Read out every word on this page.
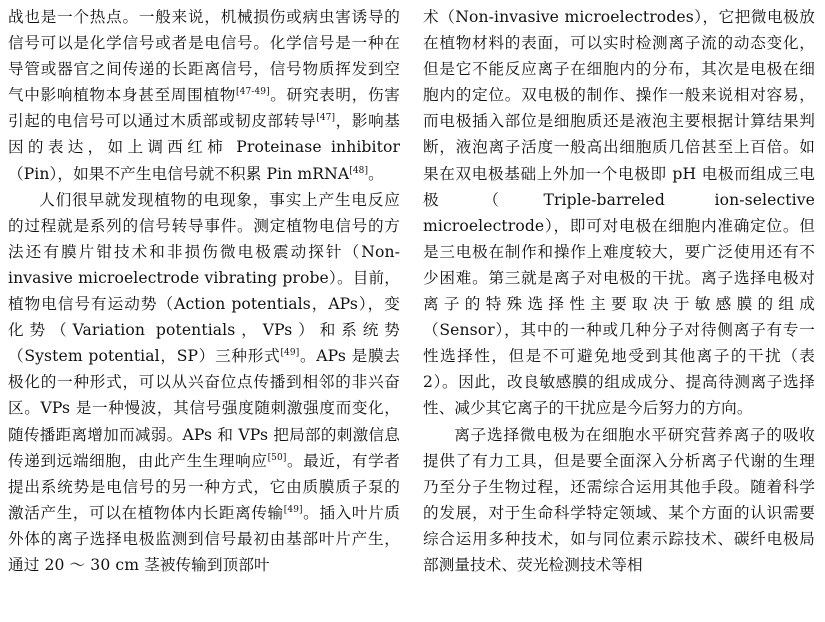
战也是一个热点。一般来说，机械损伤或病虫害诱导的信号可以是化学信号或者是电信号。化学信号是一种在导管或器官之间传递的长距离信号，信号物质挥发到空气中影响植物本身甚至周围植物[47-49]。研究表明，伤害引起的电信号可以通过木质部或韧皮部转导[47]，影响基因的表达，如上调西红柿 Proteinase inhibitor（Pin），如果不产生电信号就不积累 Pin mRNA[48]。

人们很早就发现植物的电现象，事实上产生电反应的过程就是系列的信号转导事件。测定植物电信号的方法还有膜片钳技术和非损伤微电极震动探针（Non-invasive microelectrode vibrating probe）。目前，植物电信号有运动势（Action potentials，APs），变化势（Variation potentials，VPs）和系统势（System potential，SP）三种形式[49]。APs 是膜去极化的一种形式，可以从兴奋位点传播到相邻的非兴奋区。VPs 是一种慢波，其信号强度随刺激强度而变化，随传播距离增加而减弱。APs 和 VPs 把局部的刺激信息传递到远端细胞，由此产生生理响应[50]。最近，有学者提出系统势是电信号的另一种方式，它由质膜质子泵的激活产生，可以在植物体内长距离传输[49]。插入叶片质外体的离子选择电极监测到信号最初由基部叶片产生，通过 20 ～ 30 cm 茎被传输到顶部叶

术（Non-invasive microelectrodes），它把微电极放在植物材料的表面，可以实时检测离子流的动态变化，但是它不能反应离子在细胞内的分布，其次是电极在细胞内的定位。双电极的制作、操作一般来说相对容易，而电极插入部位是细胞质还是液泡主要根据计算结果判断，液泡离子活度一般高出细胞质几倍甚至上百倍。如果在双电极基础上外加一个电极即 pH 电极而组成三电极（Triple-barreled ion-selective microelectrode），即可对电极在细胞内准确定位。但是三电极在制作和操作上难度较大，要广泛使用还有不少困难。第三就是离子对电极的干扰。离子选择电极对离子的特殊选择性主要取决于敏感膜的组成（Sensor），其中的一种或几种分子对待侧离子有专一性选择性，但是不可避免地受到其他离子的干扰（表 2）。因此，改良敏感膜的组成成分、提高待测离子选择性、减少其它离子的干扰应是今后努力的方向。

离子选择微电极为在细胞水平研究营养离子的吸收提供了有力工具，但是要全面深入分析离子代谢的生理乃至分子生物过程，还需综合运用其他手段。随着科学的发展，对于生命科学特定领域、某个方面的认识需要综合运用多种技术，如与同位素示踪技术、碳纤电极局部测量技术、荧光检测技术等相
